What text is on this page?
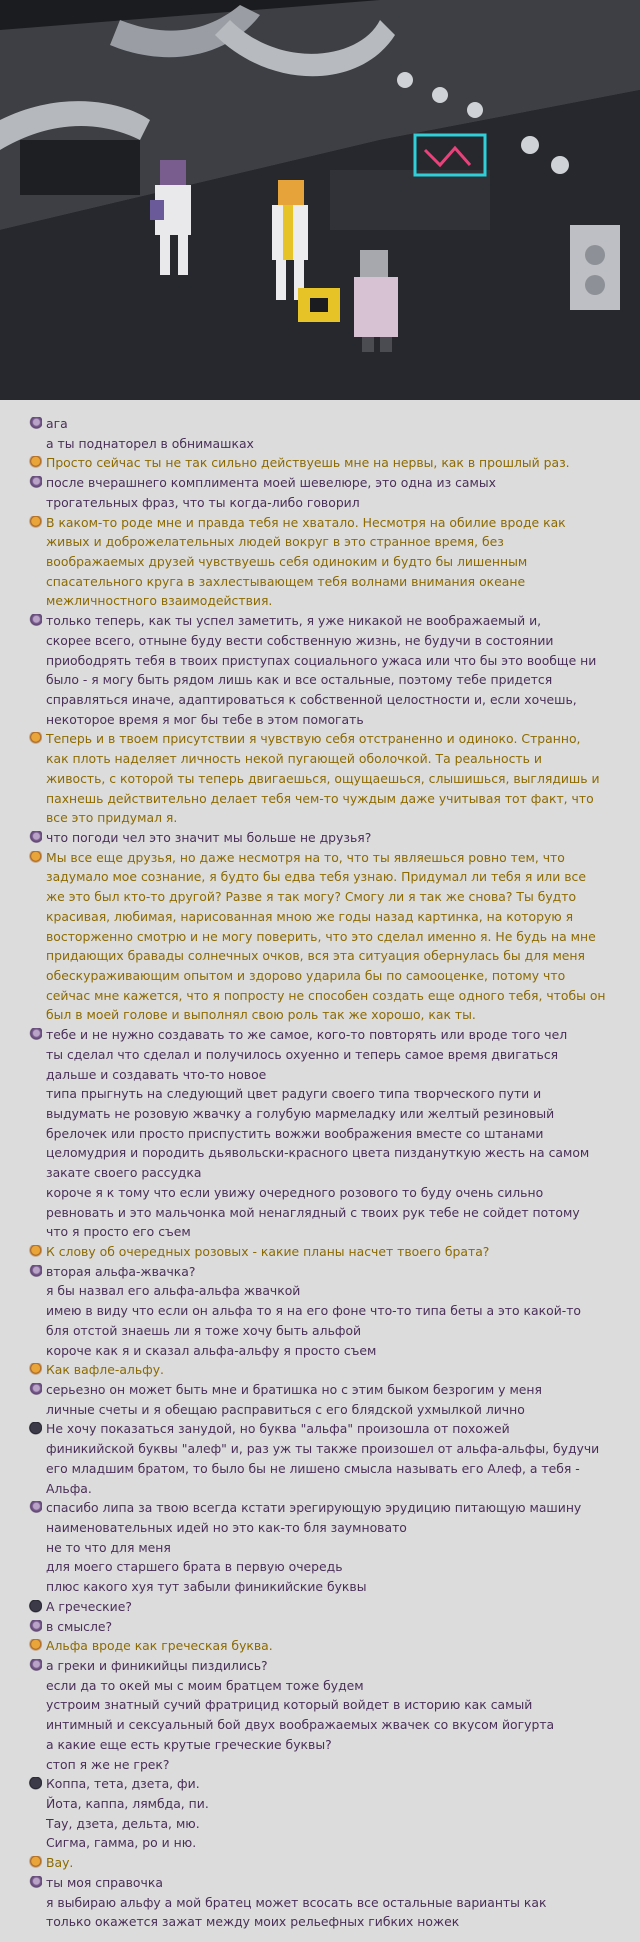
ага
а ты поднаторел в обнимашках
Просто сейчас ты не так сильно действуешь мне на нервы, как в прошлый раз.
после вчерашнего комплимента моей шевелюре, это одна из самых
трогательных фраз, что ты когда-либо говорил
В каком-то роде мне и правда тебя не хватало. Несмотря на обилие вроде как
живых и доброжелательных людей вокруг в это странное время, без
воображаемых друзей чувствуешь себя одиноким и будто бы лишенным
спасательного круга в захлестывающем тебя волнами внимания океане
межличностного взаимодействия.
только теперь, как ты успел заметить, я уже никакой не воображаемый и,
скорее всего, отныне буду вести собственную жизнь, не будучи в состоянии
приободрять тебя в твоих приступах социального ужаса или что бы это вообще ни
было - я могу быть рядом лишь как и все остальные, поэтому тебе придется
справляться иначе, адаптироваться к собственной целостности и, если хочешь,
некоторое время я мог бы тебе в этом помогать
Теперь и в твоем присутствии я чувствую себя отстраненно и одиноко. Странно,
как плоть наделяет личность некой пугающей оболочкой. Та реальность и
живость, с которой ты теперь двигаешься, ощущаешься, слышишься, выглядишь и
пахнешь действительно делает тебя чем-то чуждым даже учитывая тот факт, что
все это придумал я.
что погоди чел это значит мы больше не друзья?
Мы все еще друзья, но даже несмотря на то, что ты являешься ровно тем, что
задумало мое сознание, я будто бы едва тебя узнаю. Придумал ли тебя я или все
же это был кто-то другой? Разве я так могу? Смогу ли я так же снова? Ты будто
красивая, любимая, нарисованная мною же годы назад картинка, на которую я
восторженно смотрю и не могу поверить, что это сделал именно я. Не будь на мне
придающих бравады солнечных очков, вся эта ситуация обернулась бы для меня
обескураживающим опытом и здорово ударила бы по самооценке, потому что
сейчас мне кажется, что я попросту не способен создать еще одного тебя, чтобы он
был в моей голове и выполнял свою роль так же хорошо, как ты.
тебе и не нужно создавать то же самое, кого-то повторять или вроде того чел
ты сделал что сделал и получилось охуенно и теперь самое время двигаться
дальше и создавать что-то новое
типа прыгнуть на следующий цвет радуги своего типа творческого пути и
выдумать не розовую жвачку а голубую мармеладку или желтый резиновый
брелочек или просто приспустить вожжи воображения вместе со штанами
целомудрия и породить дьявольски-красного цвета пиздануткую жесть на самом
закате своего рассудка
короче я к тому что если увижу очередного розового то буду очень сильно
ревновать и это мальчонка мой ненаглядный с твоих рук тебе не сойдет потому
что я просто его съем
К слову об очередных розовых - какие планы насчет твоего брата?
вторая альфа-жвачка?
я бы назвал его альфа-альфа жвачкой
имею в виду что если он альфа то я на его фоне что-то типа беты а это какой-то
бля отстой знаешь ли я тоже хочу быть альфой
короче как я и сказал альфа-альфу я просто съем
Как вафле-альфу.
серьезно он может быть мне и братишка но с этим быком безрогим у меня
личные счеты и я обещаю расправиться с его блядской ухмылкой лично
Не хочу показаться занудой, но буква "альфа" произошла от похожей
финикийской буквы "алеф" и, раз уж ты также произошел от альфа-альфы, будучи
его младшим братом, то было бы не лишено смысла называть его Алеф, а тебя -
Альфа.
спасибо липа за твою всегда кстати эрегирующую эрудицию питающую машину
наименовательных идей но это как-то бля заумновато
не то что для меня
для моего старшего брата в первую очередь
плюс какого хуя тут забыли финикийские буквы
А греческие?
в смысле?
Альфа вроде как греческая буква.
а греки и финикийцы пиздились?
если да то окей мы с моим братцем тоже будем
устроим знатный сучий фратрицид который войдет в историю как самый
интимный и сексуальный бой двух воображаемых жвачек со вкусом йогурта
а какие еще есть крутые греческие буквы?
стоп я же не грек?
Коппа, тета, дзета, фи.
Йота, каппа, лямбда, пи.
Тау, дзета, дельта, мю.
Сигма, гамма, ро и ню.
Вау.
ты моя справочка
я выбираю альфу а мой братец может всосать все остальные варианты как
только окажется зажат между моих рельефных гибких ножек
